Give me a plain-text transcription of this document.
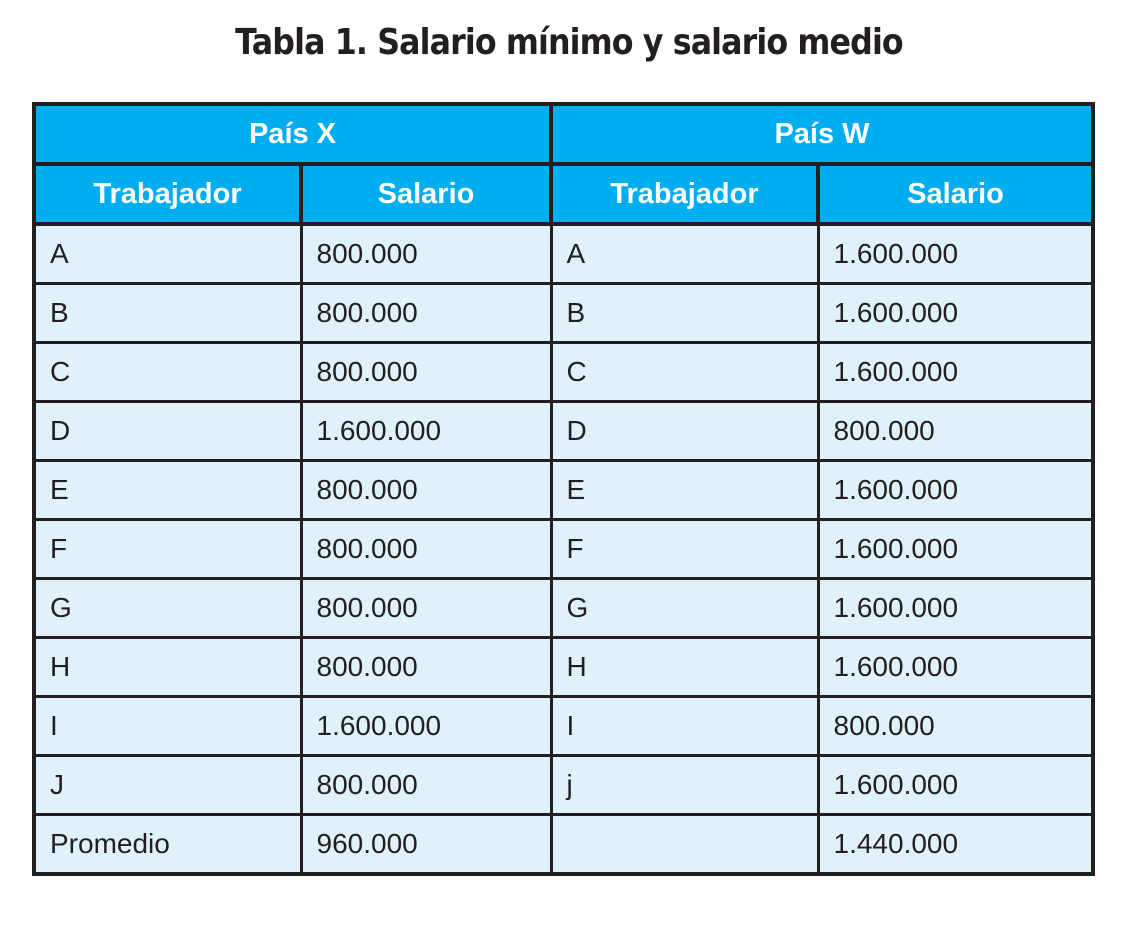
Tabla 1. Salario mínimo y salario medio
País X		País W	
Trabajador	Salario	Trabajador	Salario
A	800.000	A	1.600.000
B	800.000	B	1.600.000
C	800.000	C	1.600.000
D	1.600.000	D	800.000
E	800.000	E	1.600.000
F	800.000	F	1.600.000
G	800.000	G	1.600.000
H	800.000	H	1.600.000
I	1.600.000	I	800.000
J	800.000	j	1.600.000
Promedio	960.000		1.440.000
